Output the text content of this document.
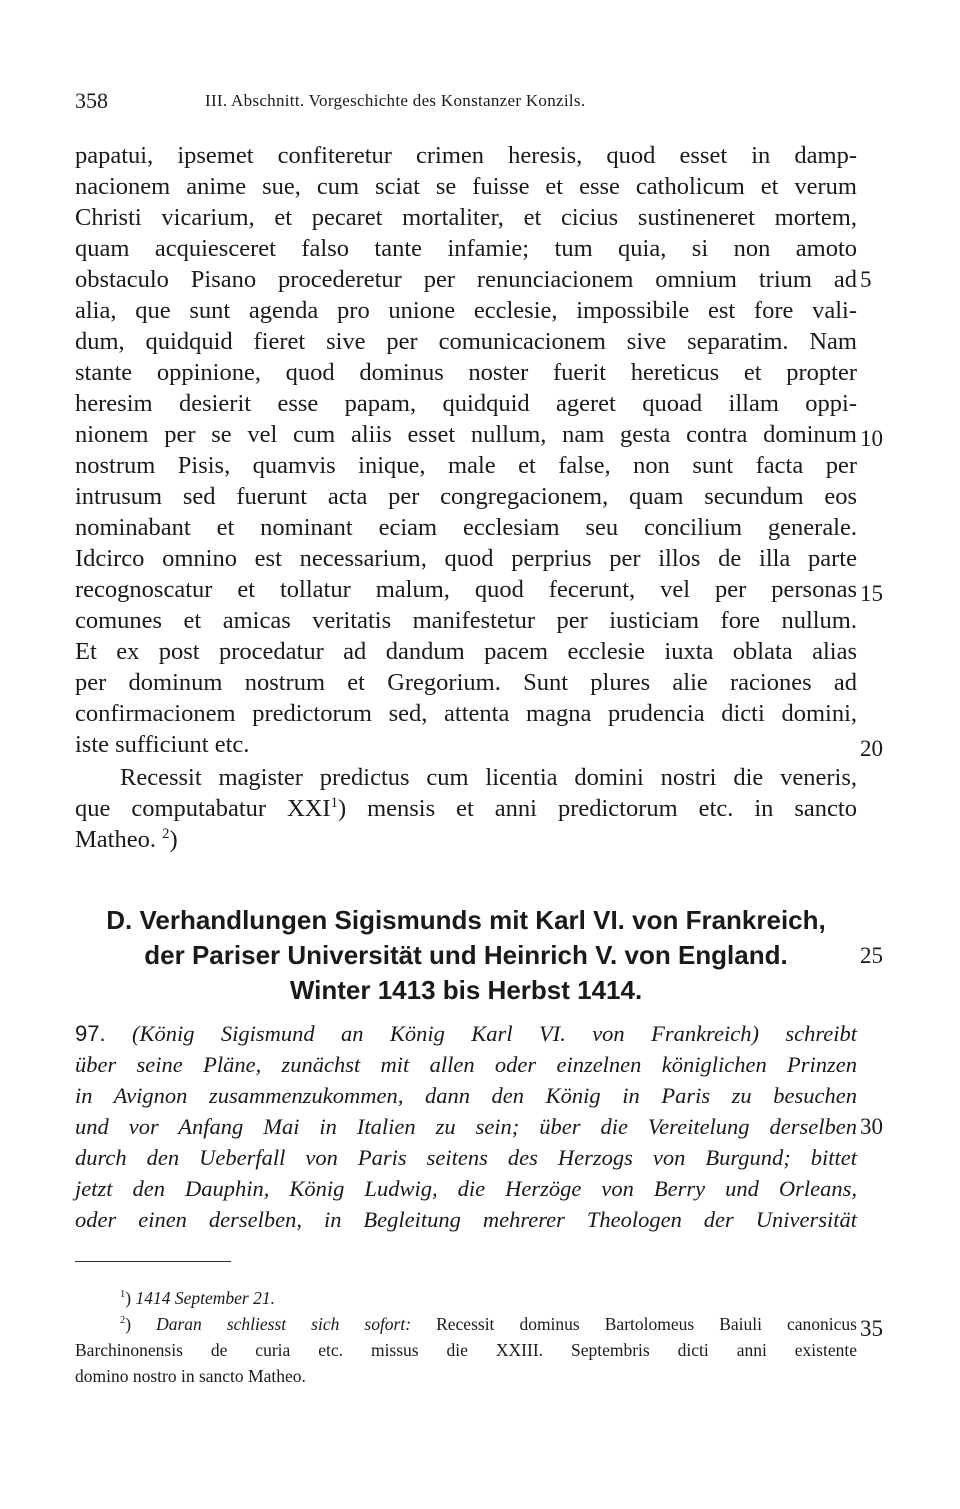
358	III. Abschnitt. Vorgeschichte des Konstanzer Konzils.
papatui, ipsemet confiteretur crimen heresis, quod esset in damp-
nacionem anime sue, cum sciat se fuisse et esse catholicum et verum
Christi vicarium, et pecaret mortaliter, et cicius sustineneret mortem,
quam acquiesceret falso tante infamie; tum quia, si non amoto
obstaculo Pisano procederetur per renunciacionem omnium trium ad
alia, que sunt agenda pro unione ecclesie, impossibile est fore vali-
dum, quidquid fieret sive per comunicacionem sive separatim. Nam
stante oppinione, quod dominus noster fuerit hereticus et propter
heresim desierit esse papam, quidquid ageret quoad illam oppi-
nionem per se vel cum aliis esset nullum, nam gesta contra dominum
nostrum Pisis, quamvis inique, male et false, non sunt facta per
intrusum sed fuerunt acta per congregacionem, quam secundum eos
nominabant et nominant eciam ecclesiam seu concilium generale.
Idcirco omnino est necessarium, quod perprius per illos de illa parte
recognoscatur et tollatur malum, quod fecerunt, vel per personas
comunes et amicas veritatis manifestetur per iusticiam fore nullum.
Et ex post procedatur ad dandum pacem ecclesie iuxta oblata alias
per dominum nostrum et Gregorium. Sunt plures alie raciones ad
confirmacionem predictorum sed, attenta magna prudencia dicti domini,
iste sufficiunt etc.
Recessit magister predictus cum licentia domini nostri die veneris,
que computabatur XXI$^1$) mensis et anni predictorum etc. in sancto
Matheo. $^2$)
5
10
15
20
25
30
35
D. Verhandlungen Sigismunds mit Karl VI. von Frankreich,
der Pariser Universität und Heinrich V. von England.
Winter 1413 bis Herbst 1414.
97. (König Sigismund an König Karl VI. von Frankreich) schreibt
über seine Pläne, zunächst mit allen oder einzelnen königlichen Prinzen
in Avignon zusammenzukommen, dann den König in Paris zu besuchen
und vor Anfang Mai in Italien zu sein; über die Vereitelung derselben
durch den Ueberfall von Paris seitens des Herzogs von Burgund; bittet
jetzt den Dauphin, König Ludwig, die Herzöge von Berry und Orleans,
oder einen derselben, in Begleitung mehrerer Theologen der Universität
$^1$) 1414 September 21.
$^2$) Daran schliesst sich sofort: Recessit dominus Bartolomeus Baiuli canonicus
Barchinonensis de curia etc. missus die XXIII. Septembris dicti anni existente
domino nostro in sancto Matheo.
